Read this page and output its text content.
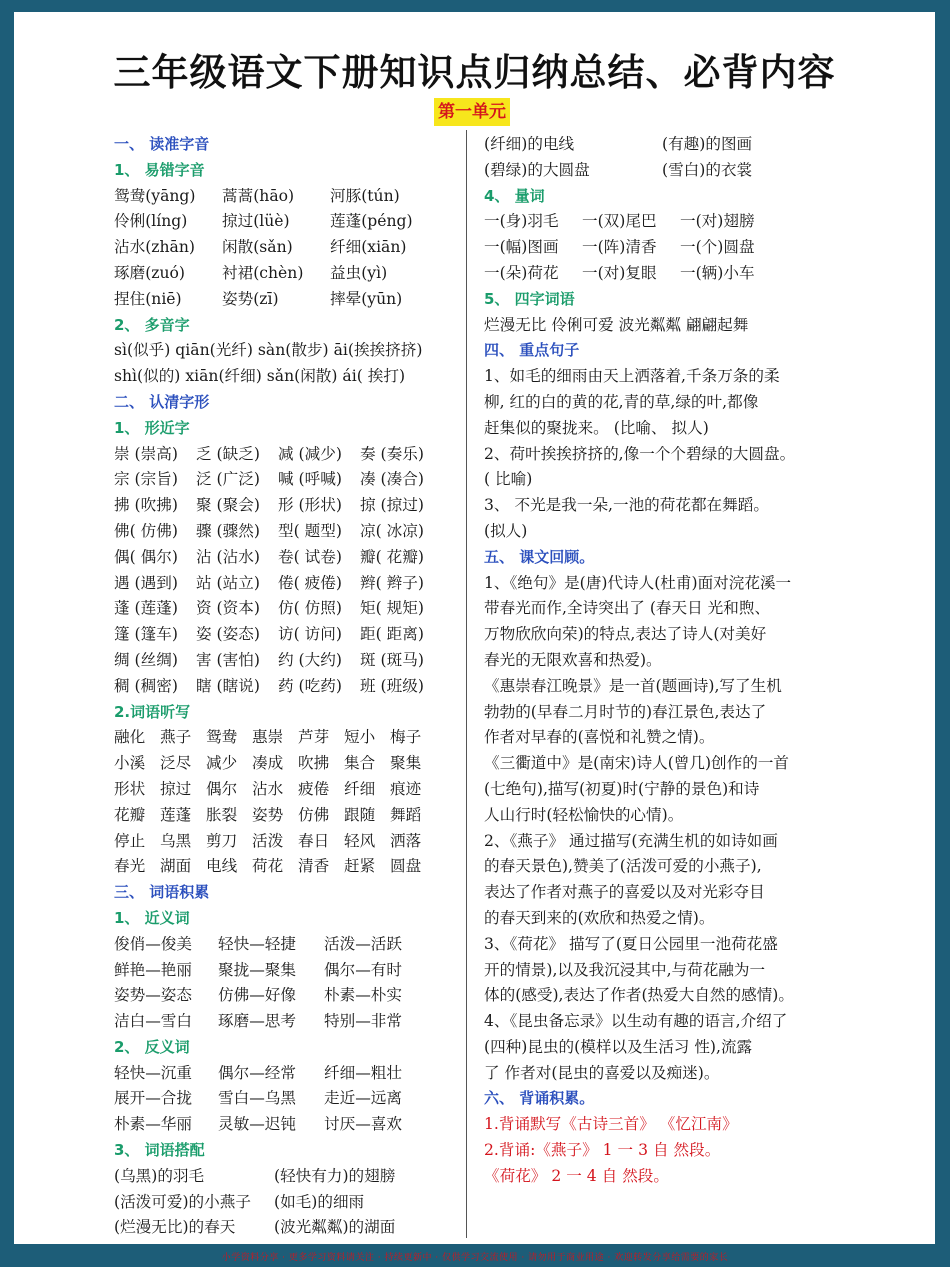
三年级语文下册知识点归纳总结、必背内容
第一单元
一、 读准字音
1、 易错字音
鸳鸯(yāng)	蒿蒿(hāo)	河豚(tún)
伶俐(líng)	掠过(lüè)	莲蓬(péng)
沾水(zhān)	闲散(sǎn)	纤细(xiān)
琢磨(zuó)	衬裙(chèn)	益虫(yì)
捏住(niē)	姿势(zī)	摔晕(yūn)
2、 多音字
sì(似乎) qiān(光纤) sàn(散步) āi(挨挨挤挤)
shì(似的) xiān(纤细) sǎn(闲散) ái( 挨打)
二、 认清字形
1、 形近字
崇 (崇高)	乏 (缺乏)	减 (减少)	奏 (奏乐)
宗 (宗旨)	泛 (广泛)	喊 (呼喊)	凑 (凑合)
拂 (吹拂)	聚 (聚会)	形 (形状)	掠 (掠过)
佛( 仿佛)	骤 (骤然)	型( 题型)	凉( 冰凉)
偶( 偶尔)	沾 (沾水)	卷( 试卷)	瓣( 花瓣)
遇 (遇到)	站 (站立)	倦( 疲倦)	辫( 辫子)
蓬 (莲蓬)	资 (资本)	仿( 仿照)	矩( 规矩)
篷 (篷车)	姿 (姿态)	访( 访问)	距( 距离)
绸 (丝绸)	害 (害怕)	约 (大约)	斑 (斑马)
稠 (稠密)	瞎 (瞎说)	药 (吃药)	班 (班级)
2.词语听写
融化 燕子 鸳鸯 惠崇 芦芽 短小 梅子
小溪 泛尽 减少 凑成 吹拂 集合 聚集
形状 掠过 偶尔 沾水 疲倦 纤细 痕迹
花瓣 莲蓬 胀裂 姿势 仿佛 跟随 舞蹈
停止 乌黑 剪刀 活泼 春日 轻风 洒落
春光 湖面 电线 荷花 清香 赶紧 圆盘
三、 词语积累
1、 近义词
俊俏—俊美	轻快—轻捷	活泼—活跃
鲜艳—艳丽	聚拢—聚集	偶尔—有时
姿势—姿态	仿佛—好像	朴素—朴实
洁白—雪白	琢磨—思考	特别—非常
2、 反义词
轻快—沉重	偶尔—经常	纤细—粗壮
展开—合拢	雪白—乌黑	走近—远离
朴素—华丽	灵敏—迟钝	讨厌—喜欢
3、 词语搭配
(乌黑)的羽毛	(轻快有力)的翅膀
(活泼可爱)的小燕子	(如毛)的细雨
(烂漫无比)的春天	(波光粼粼)的湖面
(纤细)的电线	(有趣)的图画
(碧绿)的大圆盘	(雪白)的衣裳
4、 量词
一(身)羽毛	一(双)尾巴	一(对)翅膀
一(幅)图画	一(阵)清香	一(个)圆盘
一(朵)荷花	一(对)复眼	一(辆)小车
5、 四字词语
烂漫无比 伶俐可爱 波光粼粼 翩翩起舞
四、 重点句子
1、如毛的细雨由天上洒落着,千条万条的柔
柳, 红的白的黄的花,青的草,绿的叶,都像
赶集似的聚拢来。 (比喻、 拟人)
2、荷叶挨挨挤挤的,像一个个碧绿的大圆盘。
( 比喻)
3、 不光是我一朵,一池的荷花都在舞蹈。
(拟人)
五、 课文回顾。
1、《绝句》是(唐)代诗人(杜甫)面对浣花溪一
带春光而作,全诗突出了 (春天日 光和煦、
万物欣欣向荣)的特点,表达了诗人(对美好
春光的无限欢喜和热爱)。
《惠崇春江晚景》是一首(题画诗),写了生机
勃勃的(早春二月时节的)春江景色,表达了
作者对早春的(喜悦和礼赞之情)。
《三衢道中》是(南宋)诗人(曾几)创作的一首
(七绝句),描写(初夏)时(宁静的景色)和诗
人山行时(轻松愉快的心情)。
2、《燕子》 通过描写(充满生机的如诗如画
的春天景色),赞美了(活泼可爱的小燕子),
表达了作者对燕子的喜爱以及对光彩夺目
的春天到来的(欢欣和热爱之情)。
3、《荷花》 描写了(夏日公园里一池荷花盛
开的情景),以及我沉浸其中,与荷花融为一
体的(感受),表达了作者(热爱大自然的感情)。
4、《昆虫备忘录》以生动有趣的语言,介绍了
(四种)昆虫的(模样以及生活习 性),流露
了 作者对(昆虫的喜爱以及痴迷)。
六、 背诵积累。
1.背诵默写《古诗三首》 《忆江南》
2.背诵:《燕子》 1 一 3 自 然段。
《荷花》 2 一 4 自 然段。
小学资料分享 · 更多学习资料请关注 · 持续更新中 · 仅供学习交流使用 · 请勿用于商业用途 · 欢迎转发分享给需要的家长
